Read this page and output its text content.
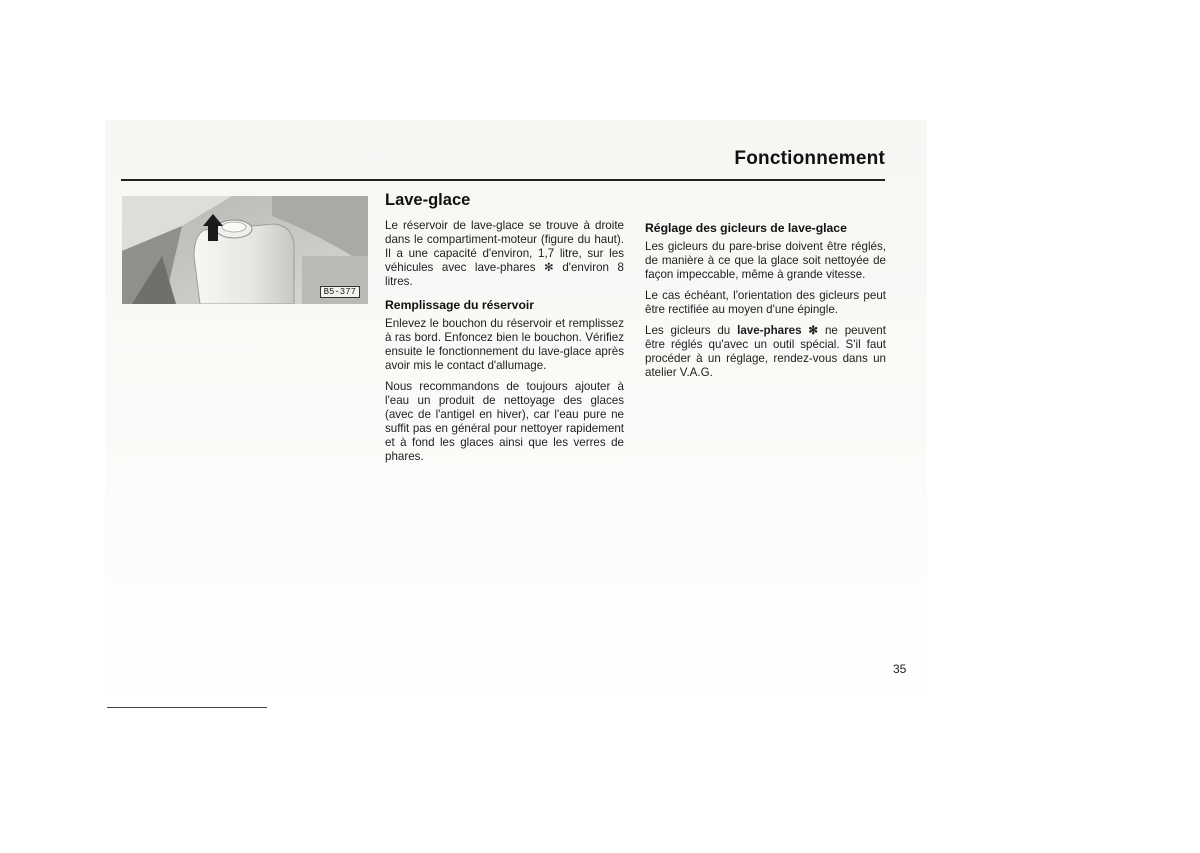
Fonctionnement
B5-377
Lave-glace

Le réservoir de lave-glace se trouve à droite dans le compartiment-moteur (figure du haut). Il a une capacité d'environ, 1,7 litre, sur les véhicules avec lave-phares ✻ d'environ 8 litres.

Remplissage du réservoir

Enlevez le bouchon du réservoir et remplissez à ras bord. Enfoncez bien le bouchon. Vérifiez ensuite le fonctionnement du lave-glace après avoir mis le contact d'allumage.

Nous recommandons de toujours ajouter à l'eau un produit de nettoyage des glaces (avec de l'antigel en hiver), car l'eau pure ne suffit pas en général pour nettoyer rapidement et à fond les glaces ainsi que les verres de phares.

Réglage des gicleurs de lave-glace

Les gicleurs du pare-brise doivent être réglés, de manière à ce que la glace soit nettoyée de façon impeccable, même à grande vitesse.

Le cas échéant, l'orientation des gicleurs peut être rectifiée au moyen d'une épingle.

Les gicleurs du lave-phares ✻ ne peuvent être réglés qu'avec un outil spécial. S'il faut procéder à un réglage, rendez-vous dans un atelier V.A.G.

35
